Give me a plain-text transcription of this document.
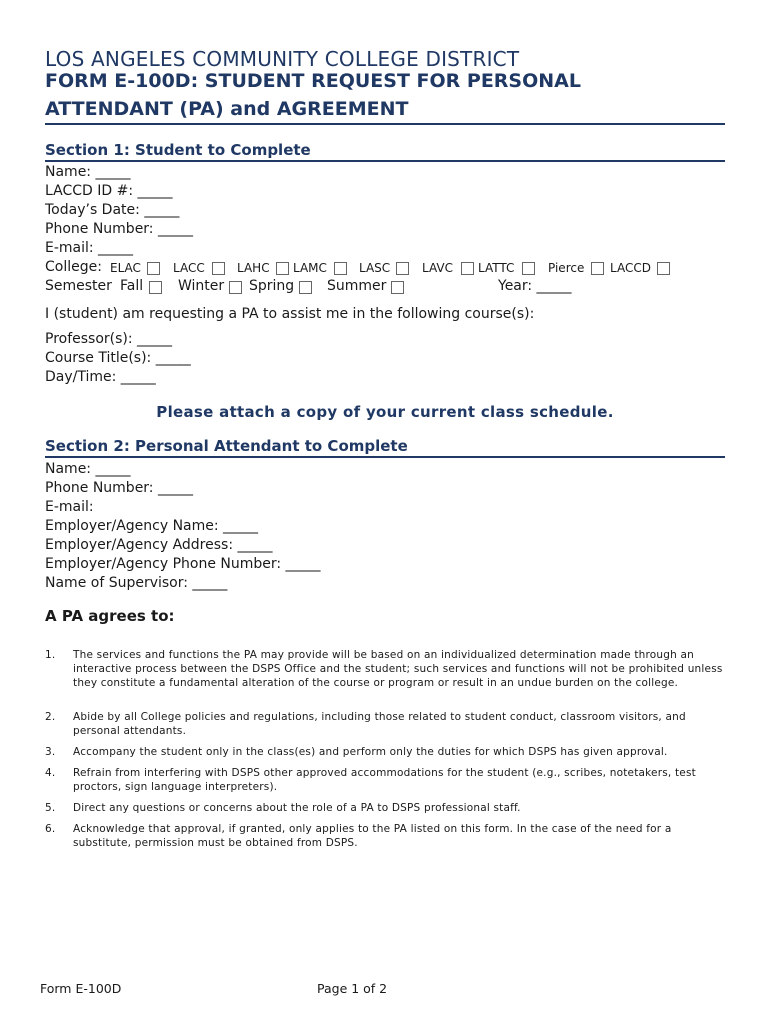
LOS ANGELES COMMUNITY COLLEGE DISTRICT
FORM E-100D: STUDENT REQUEST FOR PERSONAL
ATTENDANT (PA) and AGREEMENT
Section 1: Student to Complete
Name: _____
LACCD ID #: _____
Today’s Date: _____
Phone Number: _____
E-mail: _____
College: ELAC	LACC	LAHC LAMC	LASC	LAVC LATTC	Pierce LACCD
Semester Fall Winter Spring Summer	Year: _____
I (student) am requesting a PA to assist me in the following course(s):
Professor(s): _____
Course Title(s): _____
Day/Time: _____
Please attach a copy of your current class schedule.
Section 2: Personal Attendant to Complete
Name: _____
Phone Number: _____
E-mail:
Employer/Agency Name: _____
Employer/Agency Address: _____
Employer/Agency Phone Number: _____
Name of Supervisor: _____
A PA agrees to:
1. The services and functions the PA may provide will be based on an individualized determination made through an interactive process between the DSPS Office and the student; such services and functions will not be prohibited unless they constitute a fundamental alteration of the course or program or result in an undue burden on the college.
2. Abide by all College policies and regulations, including those related to student conduct, classroom visitors, and personal attendants.
3. Accompany the student only in the class(es) and perform only the duties for which DSPS has given approval.
4. Refrain from interfering with DSPS other approved accommodations for the student (e.g., scribes, notetakers, test proctors, sign language interpreters).
5. Direct any questions or concerns about the role of a PA to DSPS professional staff.
6. Acknowledge that approval, if granted, only applies to the PA listed on this form. In the case of the need for a substitute, permission must be obtained from DSPS.
Form E-100D	Page 1 of 2
